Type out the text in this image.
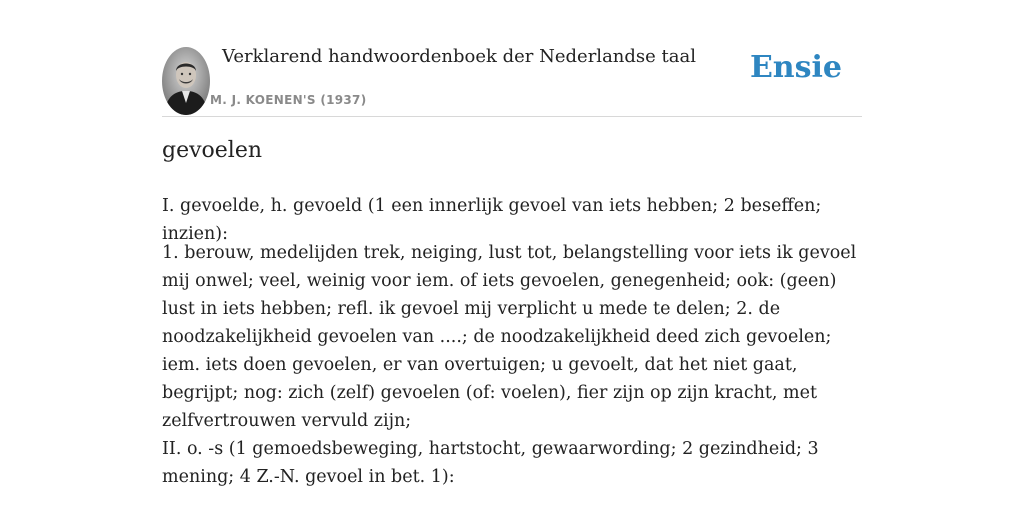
Verklarend handwoordenboek der Nederlandse taal
M. J. KOENEN'S (1937)
Ensie
gevoelen

I. gevoelde, h. gevoeld (1 een innerlijk gevoel van iets hebben; 2 beseffen; inzien):

1. berouw, medelijden trek, neiging, lust tot, belangstelling voor iets ik gevoel mij onwel; veel, weinig voor iem. of iets gevoelen, genegenheid; ook: (geen) lust in iets hebben; refl. ik gevoel mij verplicht u mede te delen; 2. de noodzakelijkheid gevoelen van ....; de noodzakelijkheid deed zich gevoelen; iem. iets doen gevoelen, er van overtuigen; u gevoelt, dat het niet gaat, begrijpt; nog: zich (zelf) gevoelen (of: voelen), fier zijn op zijn kracht, met zelfvertrouwen vervuld zijn;

II. o. -s (1 gemoedsbeweging, hartstocht, gewaarwording; 2 gezindheid; 3 mening; 4 Z.-N. gevoel in bet. 1):
